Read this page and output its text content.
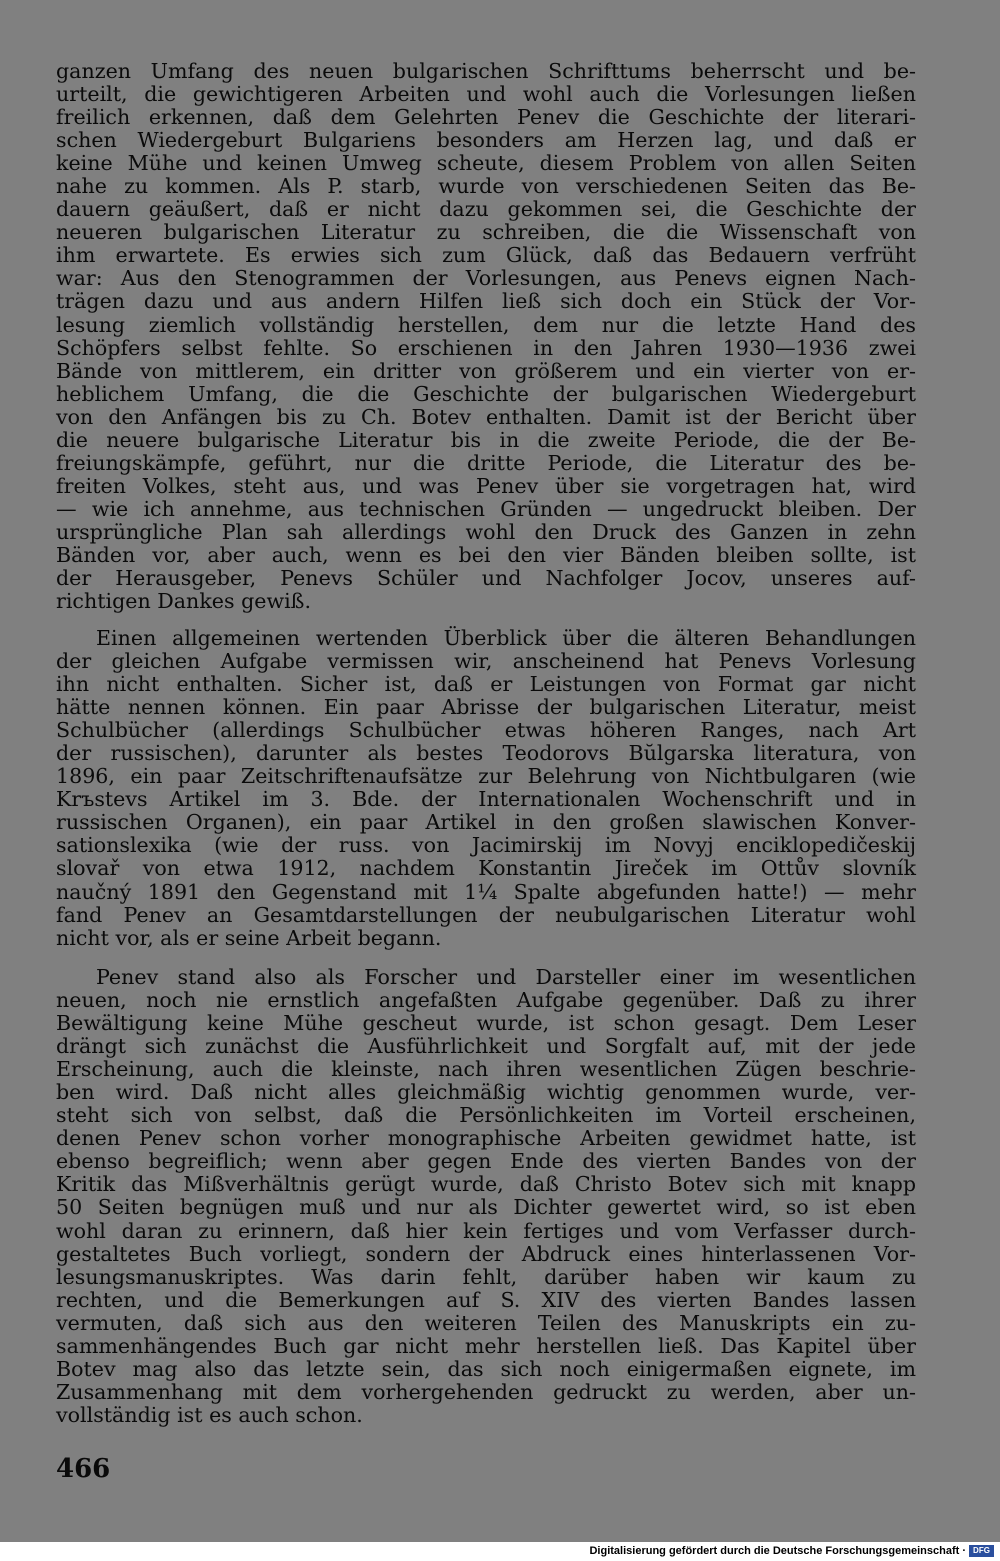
ganzen Umfang des neuen bulgarischen Schrifttums beherrscht und be-
urteilt, die gewichtigeren Arbeiten und wohl auch die Vorlesungen ließen
freilich erkennen, daß dem Gelehrten Penev die Geschichte der literari-
schen Wiedergeburt Bulgariens besonders am Herzen lag, und daß er
keine Mühe und keinen Umweg scheute, diesem Problem von allen Seiten
nahe zu kommen. Als P. starb, wurde von verschiedenen Seiten das Be-
dauern geäußert, daß er nicht dazu gekommen sei, die Geschichte der
neueren bulgarischen Literatur zu schreiben, die die Wissenschaft von
ihm erwartete. Es erwies sich zum Glück, daß das Bedauern verfrüht
war: Aus den Stenogrammen der Vorlesungen, aus Penevs eignen Nach-
trägen dazu und aus andern Hilfen ließ sich doch ein Stück der Vor-
lesung ziemlich vollständig herstellen, dem nur die letzte Hand des
Schöpfers selbst fehlte. So erschienen in den Jahren 1930—1936 zwei
Bände von mittlerem, ein dritter von größerem und ein vierter von er-
heblichem Umfang, die die Geschichte der bulgarischen Wiedergeburt
von den Anfängen bis zu Ch. Botev enthalten. Damit ist der Bericht über
die neuere bulgarische Literatur bis in die zweite Periode, die der Be-
freiungskämpfe, geführt, nur die dritte Periode, die Literatur des be-
freiten Volkes, steht aus, und was Penev über sie vorgetragen hat, wird
— wie ich annehme, aus technischen Gründen — ungedruckt bleiben. Der
ursprüngliche Plan sah allerdings wohl den Druck des Ganzen in zehn
Bänden vor, aber auch, wenn es bei den vier Bänden bleiben sollte, ist
der Herausgeber, Penevs Schüler und Nachfolger Jocov, unseres auf-
richtigen Dankes gewiß.
Einen allgemeinen wertenden Überblick über die älteren Behandlungen
der gleichen Aufgabe vermissen wir, anscheinend hat Penevs Vorlesung
ihn nicht enthalten. Sicher ist, daß er Leistungen von Format gar nicht
hätte nennen können. Ein paar Abrisse der bulgarischen Literatur, meist
Schulbücher (allerdings Schulbücher etwas höheren Ranges, nach Art
der russischen), darunter als bestes Teodorovs Bŭlgarska literatura, von
1896, ein paar Zeitschriftenaufsätze zur Belehrung von Nichtbulgaren (wie
Krъstevs Artikel im 3. Bde. der Internationalen Wochenschrift und in
russischen Organen), ein paar Artikel in den großen slawischen Konver-
sationslexika (wie der russ. von Jacimirskij im Novyj enciklopedičeskij
slovař von etwa 1912, nachdem Konstantin Jireček im Ottův slovník
naučný 1891 den Gegenstand mit 1¼ Spalte abgefunden hatte!) — mehr
fand Penev an Gesamtdarstellungen der neubulgarischen Literatur wohl
nicht vor, als er seine Arbeit begann.
Penev stand also als Forscher und Darsteller einer im wesentlichen
neuen, noch nie ernstlich angefaßten Aufgabe gegenüber. Daß zu ihrer
Bewältigung keine Mühe gescheut wurde, ist schon gesagt. Dem Leser
drängt sich zunächst die Ausführlichkeit und Sorgfalt auf, mit der jede
Erscheinung, auch die kleinste, nach ihren wesentlichen Zügen beschrie-
ben wird. Daß nicht alles gleichmäßig wichtig genommen wurde, ver-
steht sich von selbst, daß die Persönlichkeiten im Vorteil erscheinen,
denen Penev schon vorher monographische Arbeiten gewidmet hatte, ist
ebenso begreiflich; wenn aber gegen Ende des vierten Bandes von der
Kritik das Mißverhältnis gerügt wurde, daß Christo Botev sich mit knapp
50 Seiten begnügen muß und nur als Dichter gewertet wird, so ist eben
wohl daran zu erinnern, daß hier kein fertiges und vom Verfasser durch-
gestaltetes Buch vorliegt, sondern der Abdruck eines hinterlassenen Vor-
lesungsmanuskriptes. Was darin fehlt, darüber haben wir kaum zu
rechten, und die Bemerkungen auf S. XIV des vierten Bandes lassen
vermuten, daß sich aus den weiteren Teilen des Manuskripts ein zu-
sammenhängendes Buch gar nicht mehr herstellen ließ. Das Kapitel über
Botev mag also das letzte sein, das sich noch einigermaßen eignete, im
Zusammenhang mit dem vorhergehenden gedruckt zu werden, aber un-
vollständig ist es auch schon.
466
Digitalisierung gefördert durch die Deutsche Forschungsgemeinschaft · DFG
